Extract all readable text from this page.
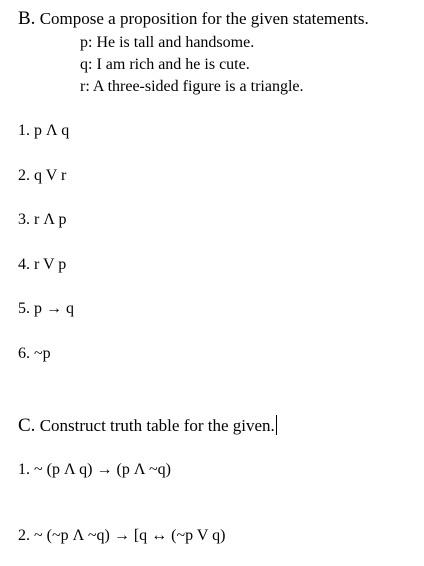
B. Compose a proposition for the given statements.
p: He is tall and handsome.
q: I am rich and he is cute.
r: A three-sided figure is a triangle.
1. p Λ q
2. q V r
3. r Λ p
4. r V p
5. p → q
6. ~p
C. Construct truth table for the given.
1. ~ (p Λ q) → (p Λ ~q)
2. ~ (~p Λ ~q) → [q ↔ (~p V q)
